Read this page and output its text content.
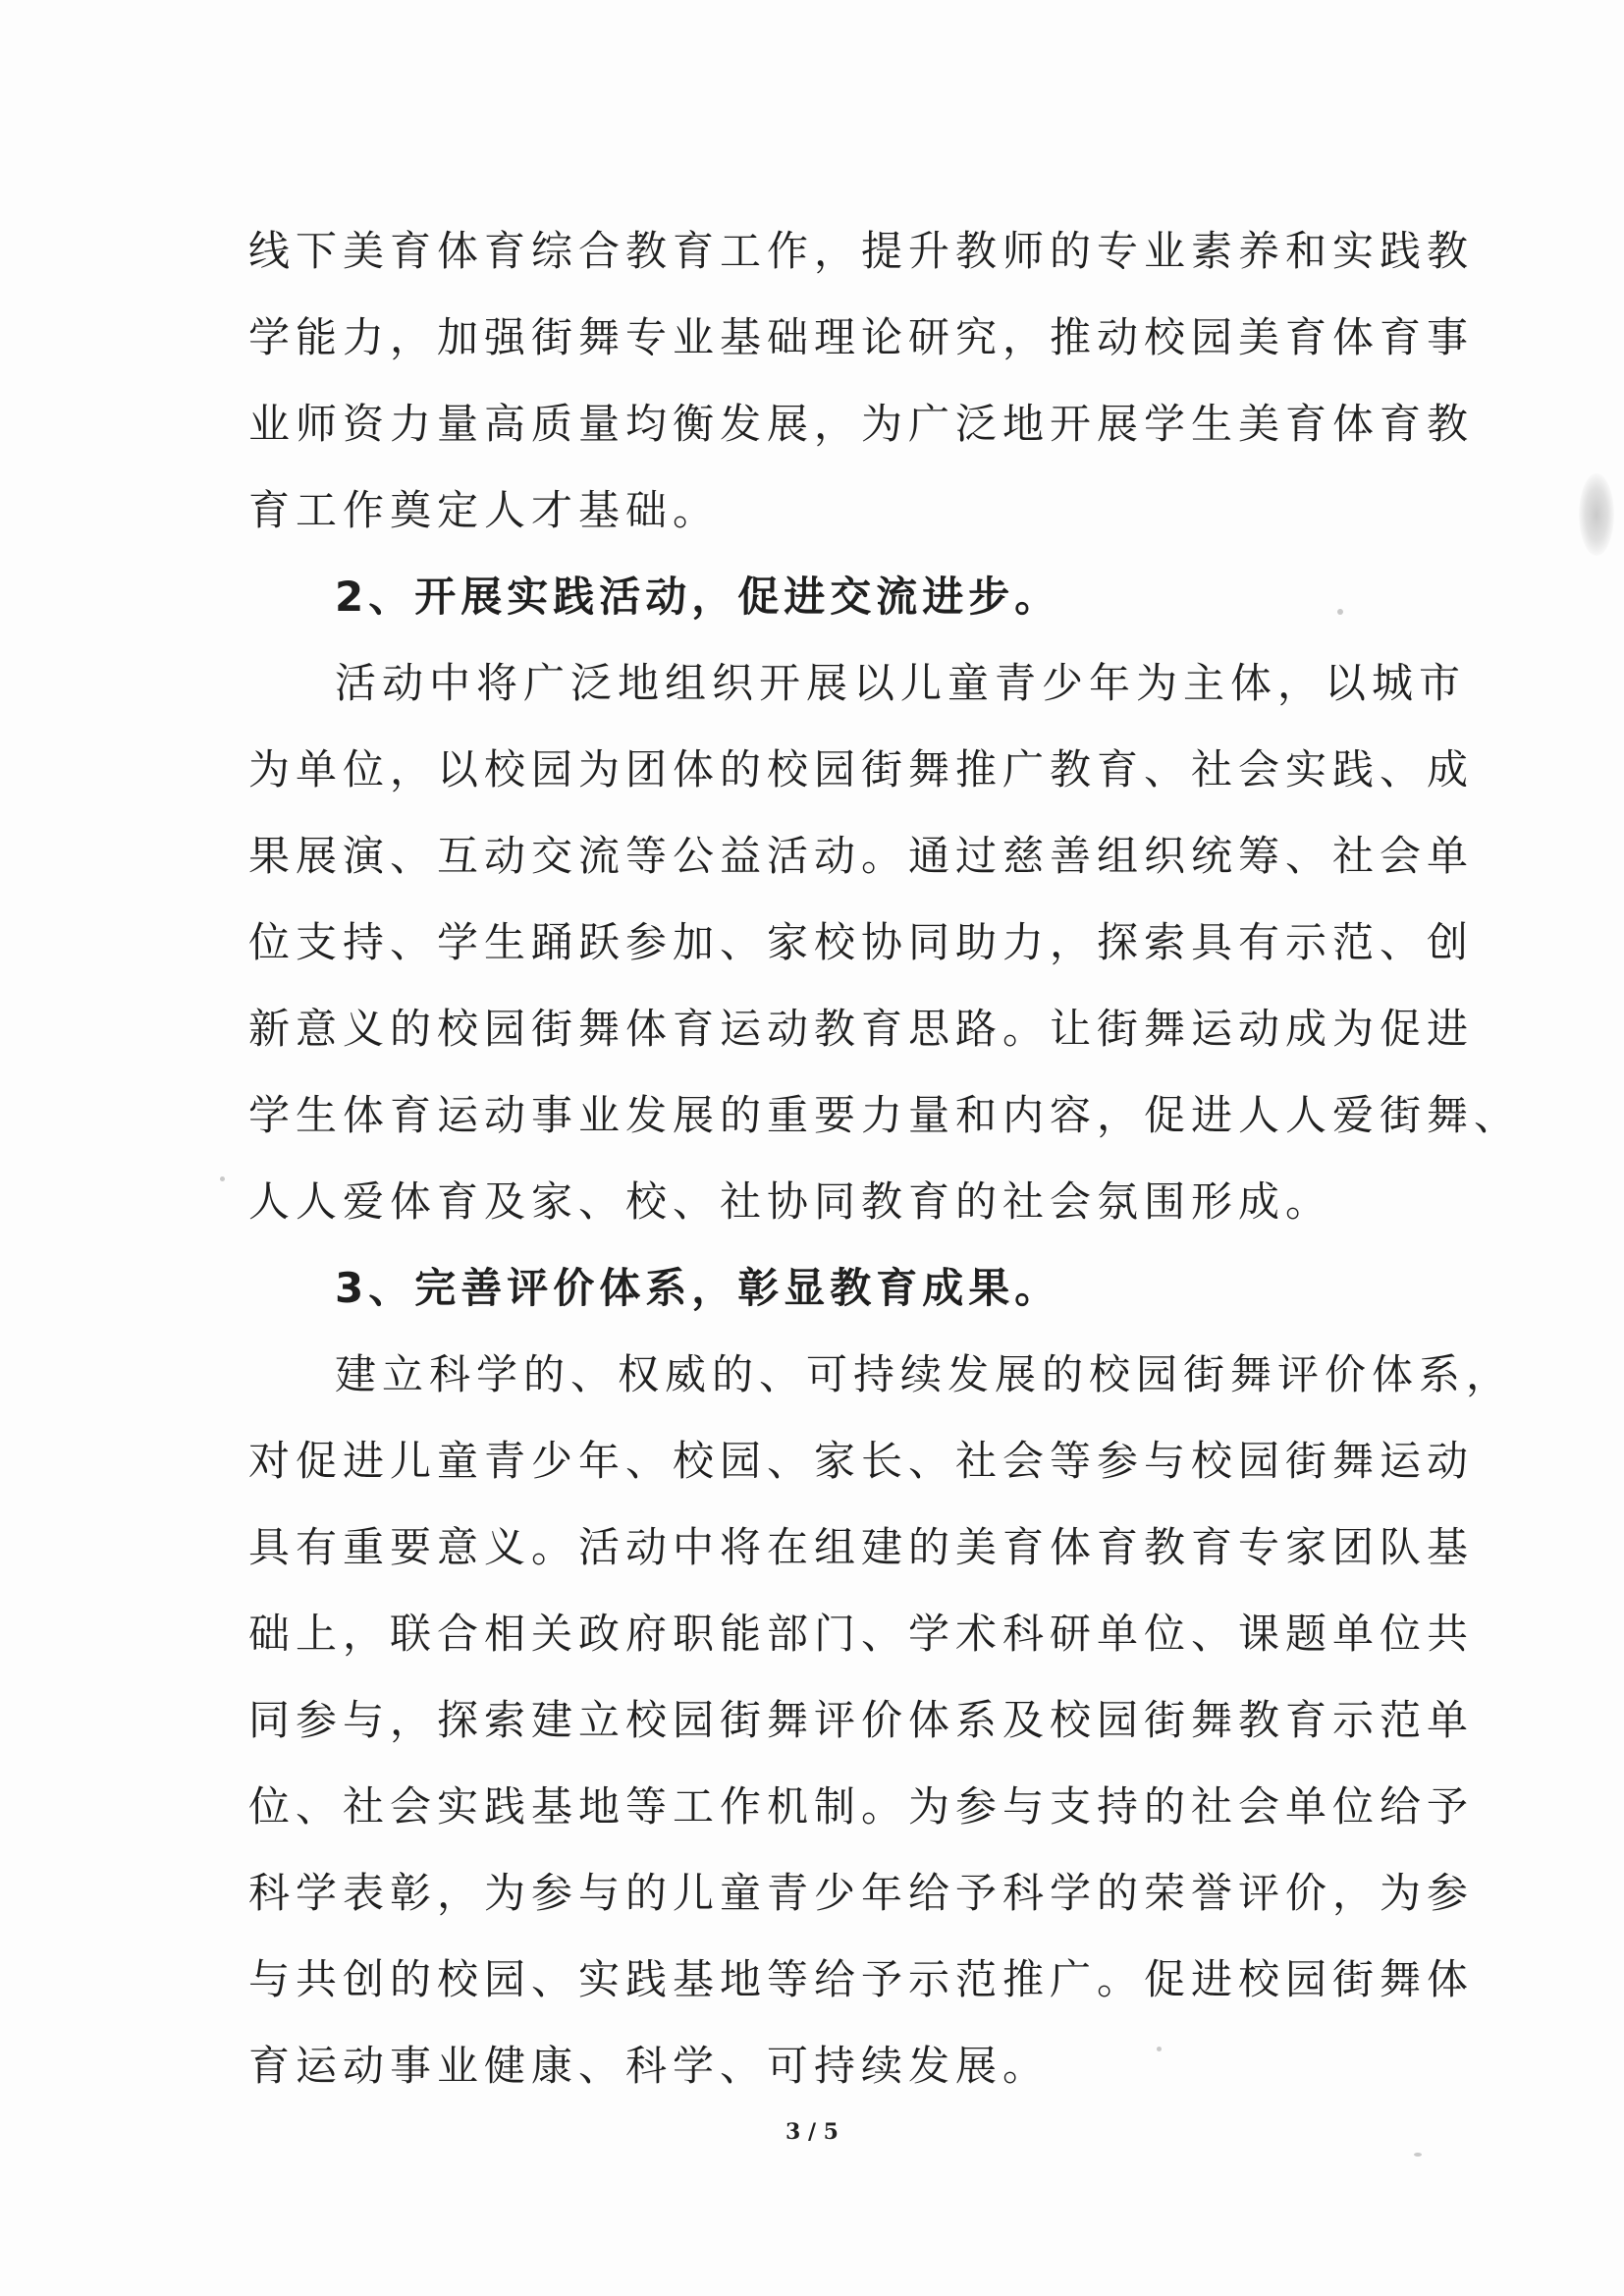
线下美育体育综合教育工作，提升教师的专业素养和实践教
学能力，加强街舞专业基础理论研究，推动校园美育体育事
业师资力量高质量均衡发展，为广泛地开展学生美育体育教
育工作奠定人才基础。
2、开展实践活动，促进交流进步。
活动中将广泛地组织开展以儿童青少年为主体，以城市
为单位，以校园为团体的校园街舞推广教育、社会实践、成
果展演、互动交流等公益活动。通过慈善组织统筹、社会单
位支持、学生踊跃参加、家校协同助力，探索具有示范、创
新意义的校园街舞体育运动教育思路。让街舞运动成为促进
学生体育运动事业发展的重要力量和内容，促进人人爱街舞、
人人爱体育及家、校、社协同教育的社会氛围形成。
3、完善评价体系，彰显教育成果。
建立科学的、权威的、可持续发展的校园街舞评价体系，
对促进儿童青少年、校园、家长、社会等参与校园街舞运动
具有重要意义。活动中将在组建的美育体育教育专家团队基
础上，联合相关政府职能部门、学术科研单位、课题单位共
同参与，探索建立校园街舞评价体系及校园街舞教育示范单
位、社会实践基地等工作机制。为参与支持的社会单位给予
科学表彰，为参与的儿童青少年给予科学的荣誉评价，为参
与共创的校园、实践基地等给予示范推广。促进校园街舞体
育运动事业健康、科学、可持续发展。
3 / 5
